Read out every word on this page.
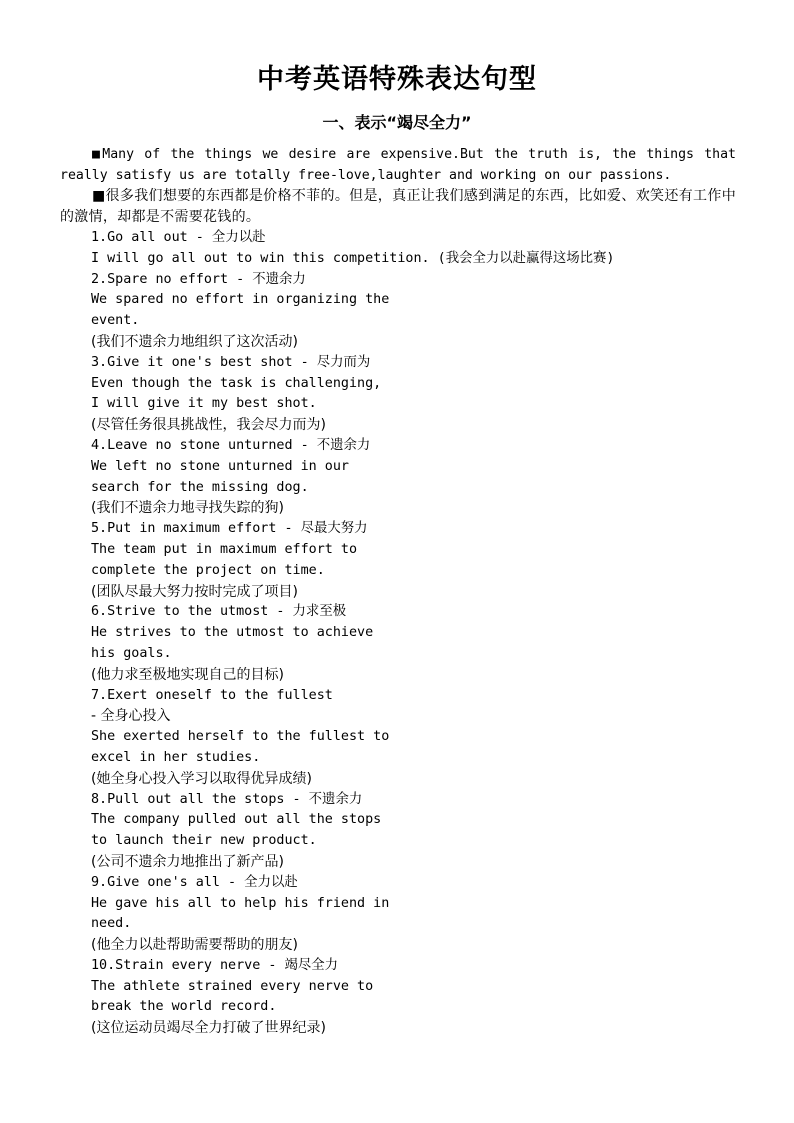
中考英语特殊表达句型
一、表示“竭尽全力”
■Many of the things we desire are expensive.But the truth is, the things that really satisfy us are totally free-love,laughter and working on our passions.
■很多我们想要的东西都是价格不菲的。但是，真正让我们感到满足的东西，比如爱、欢笑还有工作中的激情，却都是不需要花钱的。
1.Go all out - 全力以赴
I will go all out to win this competition. (我会全力以赴赢得这场比赛)
2.Spare no effort - 不遗余力
We spared no effort in organizing the
event.
(我们不遗余力地组织了这次活动)
3.Give it one's best shot - 尽力而为
Even though the task is challenging,
I will give it my best shot.
(尽管任务很具挑战性，我会尽力而为)
4.Leave no stone unturned - 不遗余力
We left no stone unturned in our
search for the missing dog.
(我们不遗余力地寻找失踪的狗)
5.Put in maximum effort - 尽最大努力
The team put in maximum effort to
complete the project on time.
(团队尽最大努力按时完成了项目)
6.Strive to the utmost - 力求至极
He strives to the utmost to achieve
his goals.
(他力求至极地实现自己的目标)
7.Exert oneself to the fullest
- 全身心投入
She exerted herself to the fullest to
excel in her studies.
(她全身心投入学习以取得优异成绩)
8.Pull out all the stops - 不遗余力
The company pulled out all the stops
to launch their new product.
(公司不遗余力地推出了新产品)
9.Give one's all - 全力以赴
He gave his all to help his friend in
need.
(他全力以赴帮助需要帮助的朋友)
10.Strain every nerve - 竭尽全力
The athlete strained every nerve to
break the world record.
(这位运动员竭尽全力打破了世界纪录)
